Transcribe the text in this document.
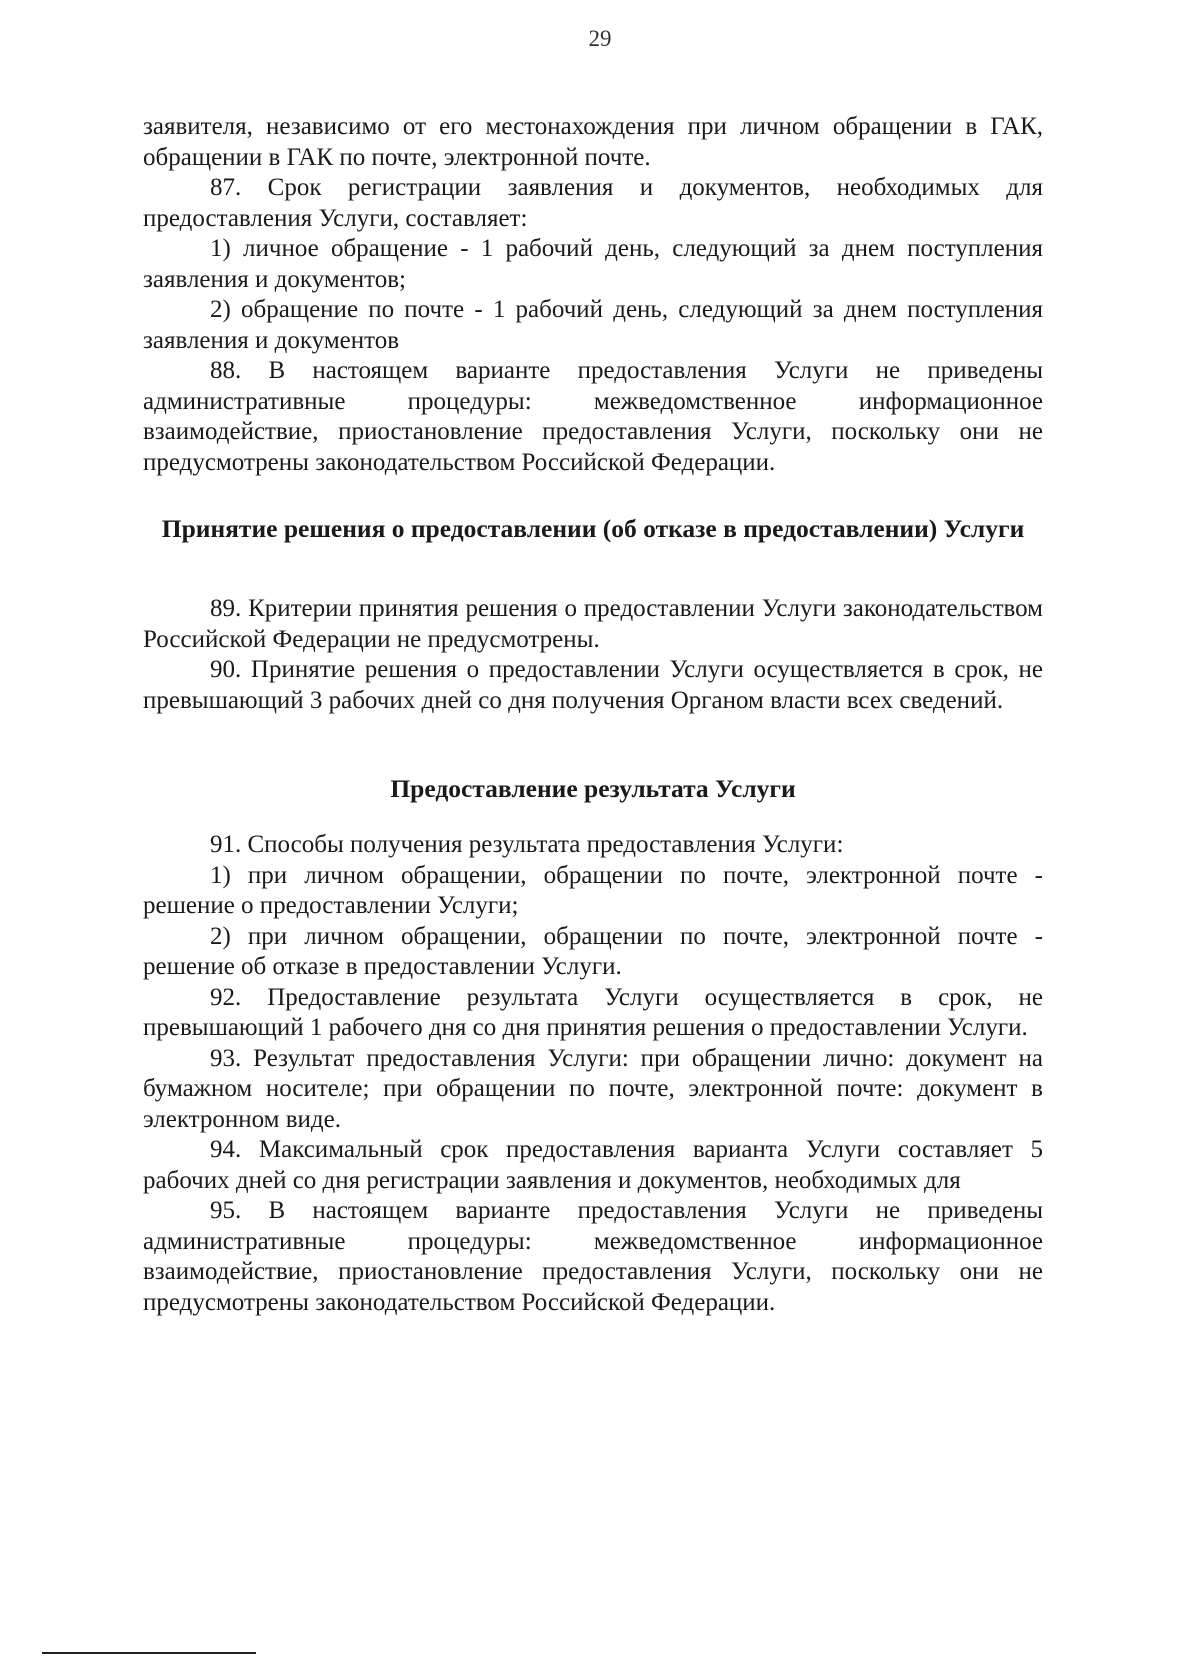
29

заявителя, независимо от его местонахождения при личном обращении в ГАК, обращении в ГАК по почте, электронной почте.

87. Срок регистрации заявления и документов, необходимых для предоставления Услуги, составляет:

1) личное обращение - 1 рабочий день, следующий за днем поступления заявления и документов;

2) обращение по почте - 1 рабочий день, следующий за днем поступления заявления и документов

88. В настоящем варианте предоставления Услуги не приведены административные процедуры: межведомственное информационное взаимодействие, приостановление предоставления Услуги, поскольку они не предусмотрены законодательством Российской Федерации.

Принятие решения о предоставлении (об отказе в предоставлении) Услуги

89. Критерии принятия решения о предоставлении Услуги законодательством Российской Федерации не предусмотрены.

90. Принятие решения о предоставлении Услуги осуществляется в срок, не превышающий 3 рабочих дней со дня получения Органом власти всех сведений.

Предоставление результата Услуги

91. Способы получения результата предоставления Услуги:

1) при личном обращении, обращении по почте, электронной почте - решение о предоставлении Услуги;

2) при личном обращении, обращении по почте, электронной почте - решение об отказе в предоставлении Услуги.

92. Предоставление результата Услуги осуществляется в срок, не превышающий 1 рабочего дня со дня принятия решения о предоставлении Услуги.

93. Результат предоставления Услуги: при обращении лично: документ на бумажном носителе; при обращении по почте, электронной почте: документ в электронном виде.

94. Максимальный срок предоставления варианта Услуги составляет 5 рабочих дней со дня регистрации заявления и документов, необходимых для

95. В настоящем варианте предоставления Услуги не приведены административные процедуры: межведомственное информационное взаимодействие, приостановление предоставления Услуги, поскольку они не предусмотрены законодательством Российской Федерации.
